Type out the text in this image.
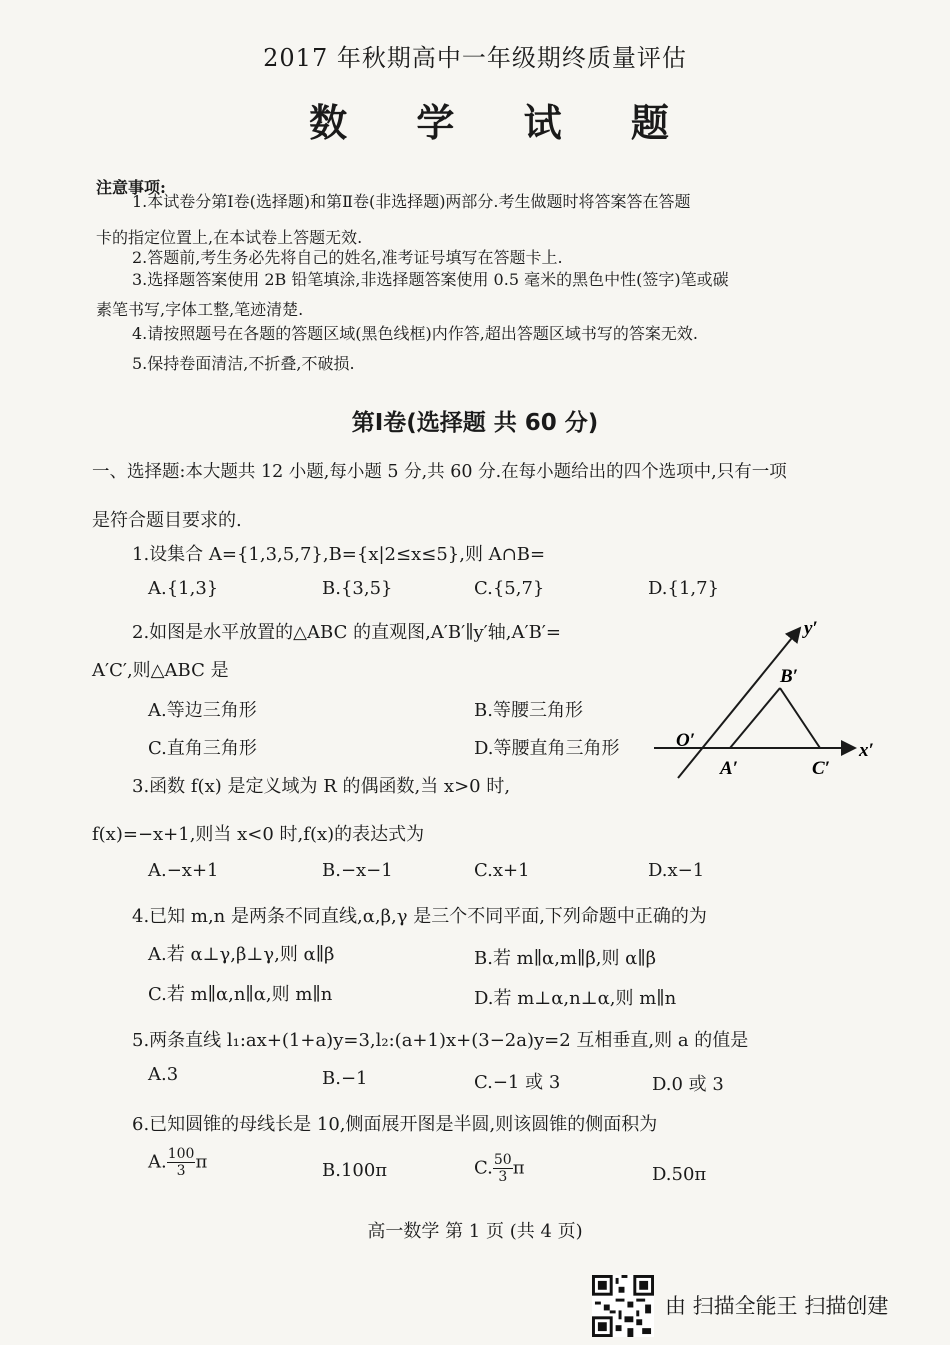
2017 年秋期高中一年级期终质量评估
数 学 试 题
注意事项:
1.本试卷分第Ⅰ卷(选择题)和第Ⅱ卷(非选择题)两部分.考生做题时将答案答在答题
卡的指定位置上,在本试卷上答题无效.
2.答题前,考生务必先将自己的姓名,准考证号填写在答题卡上.
3.选择题答案使用 2B 铅笔填涂,非选择题答案使用 0.5 毫米的黑色中性(签字)笔或碳
素笔书写,字体工整,笔迹清楚.
4.请按照题号在各题的答题区域(黑色线框)内作答,超出答题区域书写的答案无效.
5.保持卷面清洁,不折叠,不破损.
第Ⅰ卷(选择题 共 60 分)
一、选择题:本大题共 12 小题,每小题 5 分,共 60 分.在每小题给出的四个选项中,只有一项
是符合题目要求的.
1.设集合 A={1,3,5,7},B={x|2≤x≤5},则 A∩B=
A.{1,3}	B.{3,5}	C.{5,7}	D.{1,7}
2.如图是水平放置的△ABC 的直观图,A′B′∥y′轴,A′B′=
A′C′,则△ABC 是
A.等边三角形	B.等腰三角形
C.直角三角形	D.等腰直角三角形
y′
x′
O′
A′
B′
C′
3.函数 f(x) 是定义域为 R 的偶函数,当 x>0 时,
f(x)=−x+1,则当 x<0 时,f(x)的表达式为
A.−x+1	B.−x−1	C.x+1	D.x−1
4.已知 m,n 是两条不同直线,α,β,γ 是三个不同平面,下列命题中正确的为
A.若 α⊥γ,β⊥γ,则 α∥β	B.若 m∥α,m∥β,则 α∥β
C.若 m∥α,n∥α,则 m∥n	D.若 m⊥α,n⊥α,则 m∥n
5.两条直线 l₁:ax+(1+a)y=3,l₂:(a+1)x+(3−2a)y=2 互相垂直,则 a 的值是
A.3	B.−1	C.−1 或 3	D.0 或 3
6.已知圆锥的母线长是 10,侧面展开图是半圆,则该圆锥的侧面积为
A. $\frac{100}{3}$ π	B.100π	C. $\frac{50}{3}$ π	D.50π
高一数学 第 1 页 (共 4 页)
由 扫描全能王 扫描创建
